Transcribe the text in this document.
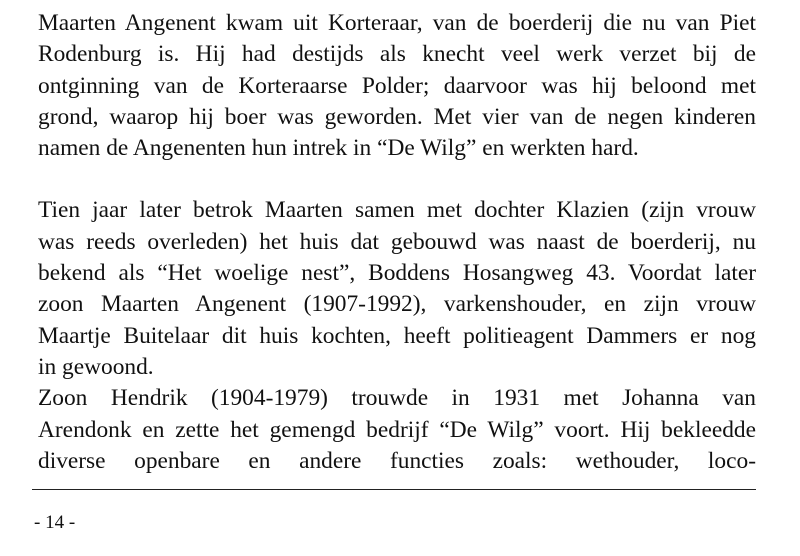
Maarten Angenent kwam uit Korteraar, van de boerderij die nu van Piet
Rodenburg is. Hij had destijds als knecht veel werk verzet bij de
ontginning van de Korteraarse Polder; daarvoor was hij beloond met
grond, waarop hij boer was geworden. Met vier van de negen kinderen
namen de Angenenten hun intrek in “De Wilg” en werkten hard.

Tien jaar later betrok Maarten samen met dochter Klazien (zijn vrouw
was reeds overleden) het huis dat gebouwd was naast de boerderij, nu
bekend als “Het woelige nest”, Boddens Hosangweg 43. Voordat later
zoon Maarten Angenent (1907-1992), varkenshouder, en zijn vrouw
Maartje Buitelaar dit huis kochten, heeft politieagent Dammers er nog
in gewoond.

Zoon Hendrik (1904-1979) trouwde in 1931 met Johanna van
Arendonk en zette het gemengd bedrijf “De Wilg” voort. Hij bekleedde
diverse openbare en andere functies zoals: wethouder, loco-

- 14 -
